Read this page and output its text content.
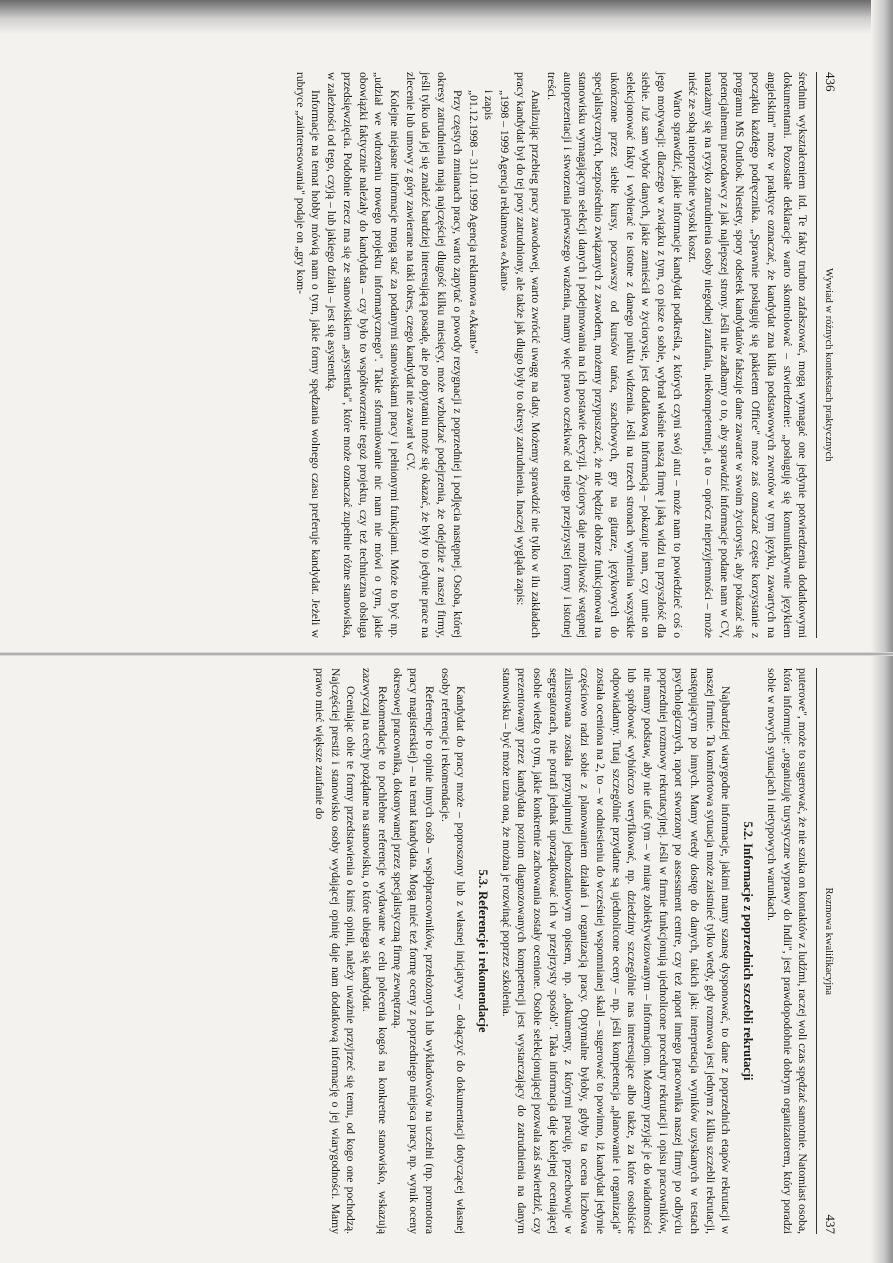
436
Wywiad w różnych kontekstach praktycznych

średnim wykształceniem itd. Te fakty trudno zafałszować, mogą wymagać one jedynie potwierdzenia dodatkowymi dokumentami. Pozostałe deklaracje warto skontrolować – stwierdzenie: „posługuję się komunikatywnie językiem angielskim" może w praktyce oznaczać, że kandydat zna kilka podstawowych zwrotów w tym języku, zawartych na początku każdego podręcznika. „Sprawnie posługuję się pakietem Office" może zaś oznaczać częste korzystanie z programu MS Outlook. Niestety, spory odsetek kandydatów fałszuje dane zawarte w swoim życiorysie, aby pokazać się potencjalnemu pracodawcy z jak najlepszej strony. Jeśli nie zadbamy o to, aby sprawdzić informacje podane nam w CV, narażamy się na ryzyko zatrudnienia osoby niegodnej zaufania, niekompetentnej, a to – oprócz nieprzyjemności – może nieść ze sobą nieoprzebnie wysoki koszt.

Warto sprawdzić, jakie informacje kandydat podkreśla, z których czyni swój atut – może nam to powiedzieć coś o jego motywacji: dlaczego w związku z tym, co pisze o sobie, wybrał właśnie naszą firmę i jaką widzi tu przyszłość dla siebie. Już sam wybór danych, jakie zamieścił w życiorysie, jest dodatkową informacją – pokazuje nam, czy umie on selekcjonować fakty i wybierać te istotne z danego punktu widzenia. Jeśli na trzech stronach wymienia wszystkie ukończone przez siebie kursy, poczawszy od kursów tańca, szachowych, gry na gitarze, językowych do specjalistycznych, bezpośrednio związanych z zawodem, możemy przypuszczać, że nie będzie dobrze funkcjonował na stanowisku wymagającym selekcji danych i podejmowania na ich postawie decyzji. Życiorys daje możliwość wstępnej autoprezentacji i stworzenia pierwszego wrażenia, mamy więc prawo oczekiwać od niego przejrzystej formy i istotnej treści.

Analizując przebieg pracy zawodowej, warto zwrócić uwagę na daty. Możemy sprawdzić nie tylko w ilu zakładach pracy kandydat był do tej pory zatrudniony, ale także jak długo były to okresy zatrudnienia. Inaczej wygląda zapis:

„1998 – 1999 Agencja reklamowa «Akant»

i zapis

„01.12.1998 – 31.01.1999 Agencja reklamowa «Akant»"

Przy częstych zmianach pracy, warto zapytać o powody rezygnacji z poprzedniej i podjęcia następnej. Osoba, której okresy zatrudnienia mają najczęściej długość kilku miesięcy, może wzbudzać podejrzenia, że odejdzie z naszej firmy, jeśli tylko uda jej się znaleźć bardziej interesującą posadę, ale po dopytaniu może się okazać, że były to jedynie prace na zlecenie lub umowy z góry zawierane na taki okres, czego kandydat nie zawarł w CV.

Kolejne niejasne informacje mogą stać za podanymi stanowiskami pracy i pełnionymi funkcjami. Może to być np. „udział we wdrożeniu nowego projektu informatycznego". Takie sformułowanie nic nam nie mówi o tym, jakie obowiązki faktycznie należały do kandydata – czy było to współtworzenie tegoż projektu, czy też techniczna obsługa przedsięwzięcia. Podobnie rzecz ma się ze stanowiskiem „asystentka", które może oznaczać zupełnie różne stanowiska, w zależności od tego, czyją – lub jakiego działu – jest się asystentką.

Informacje na temat hobby mówią nam o tym, jakie formy spędzania wolnego czasu preferuje kandydat. Jeżeli w rubryce „zainteresowania" podaje on „gry kom-

Rozmowa kwalifikacyjna
437

puterowe", może to sugerować, że nie szuka on kontaktów z ludźmi, raczej woli czas spędzać samotnie. Natomiast osoba, która informuje: „organizuję turystyczne wyprawy do Indii", jest prawdopodobnie dobrym organizatorem, który poradzi sobie w nowych sytuacjach i nietypowych warunkach.

5.2. Informacje z poprzednich szczebli rekrutacji

Najbardziej wiarygodne informacje, jakimi mamy szansę dysponować, to dane z poprzednich etapów rekrutacji w naszej firmie. Ta komfortowa sytuacja może zaistnieć tylko wtedy, gdy rozmowa jest jednym z kilku szczebli rekrutacji, następującym po innych. Mamy wtedy dostęp do danych, takich jak: interpretacja wyników uzyskanych w testach psychologicznych, raport stworzony po assessment centre, czy też raport innego pracownika naszej firmy po odbyciu poprzedniej rozmowy rekrutacyjnej. Jeśli w firmie funkcjonują ujednolicone procedury rekrutacji i opisu pracowników, nie mamy podstaw, aby nie ufać tym – w miarę zobiektywizowanym – informacjom. Możemy przyjąć je do wiadomości lub spróbować wybiórczo weryfikować, np. dziedziny szczególnie nas interesujące albo także, za które osobiście odpowiadamy. Tutaj szczególnie przydatne są ujednolicone oceny – np. jeśli kompetencja „planowanie i organizacja" została oceniona na 2, to – w odniesieniu do wcześniej wspomnianej skali – sugerować to powinno, iż kandydat jedynie częściowo radzi sobie z planowaniem działań i organizacją pracy. Optymalne byłoby, gdyby ta ocena liczbowa zilustrowana została przynajmniej jednozdaniowym opisem, np. „dokumenty, z którymi pracuję, przechowuje w segregatorach, nie potrafi jednak uporządkować ich w przejrzysty sposób". Taka informacja daje kolejnej oceniającej osobie wiedzę o tym, jakie konkretnie zachowania zostały ocenione. Osobie selekcjonującej pozwala zaś stwierdzić, czy prezentowany przez kandydata poziom diagnozowanych kompetencji jest wystarczający do zatrudnienia na danym stanowisku – być może uzna ona, że można je rozwinąć poprzez szkolenia.

5.3. Referencje i rekomendacje

Kandydat do pracy może – poproszony lub z własnej inicjatywy – dołączyć do dokumentacji dotyczącej własnej osoby referencje i rekomendacje.

Referencje to opinie innych osób – współpracowników, przełożonych lub wykładowców na uczelni (np. promotora pracy magisterskiej) – na temat kandydata. Mogą mieć też formę oceny z poprzedniego miejsca pracy, np. wynik oceny okresowej pracownika, dokonywanej przez specjalistyczną firmę zewnętrzną.

Rekomendacje to pochlebne referencje wydawane w celu polecenia kogoś na konkretne stanowisko, wskazują zazwyczaj na cechy pożądane na stanowisku, o które ubiega się kandydat.

Oceniając obie te formy przedstawienia o kimś opinii, należy uważnie przyjrzeć się temu, od kogo one pochodzą. Najczęściej prestiż i stanowisko osoby wydającej opinię daje nam dodatkową informację o jej wiarygodności. Mamy prawo mieć większe zaufanie do
